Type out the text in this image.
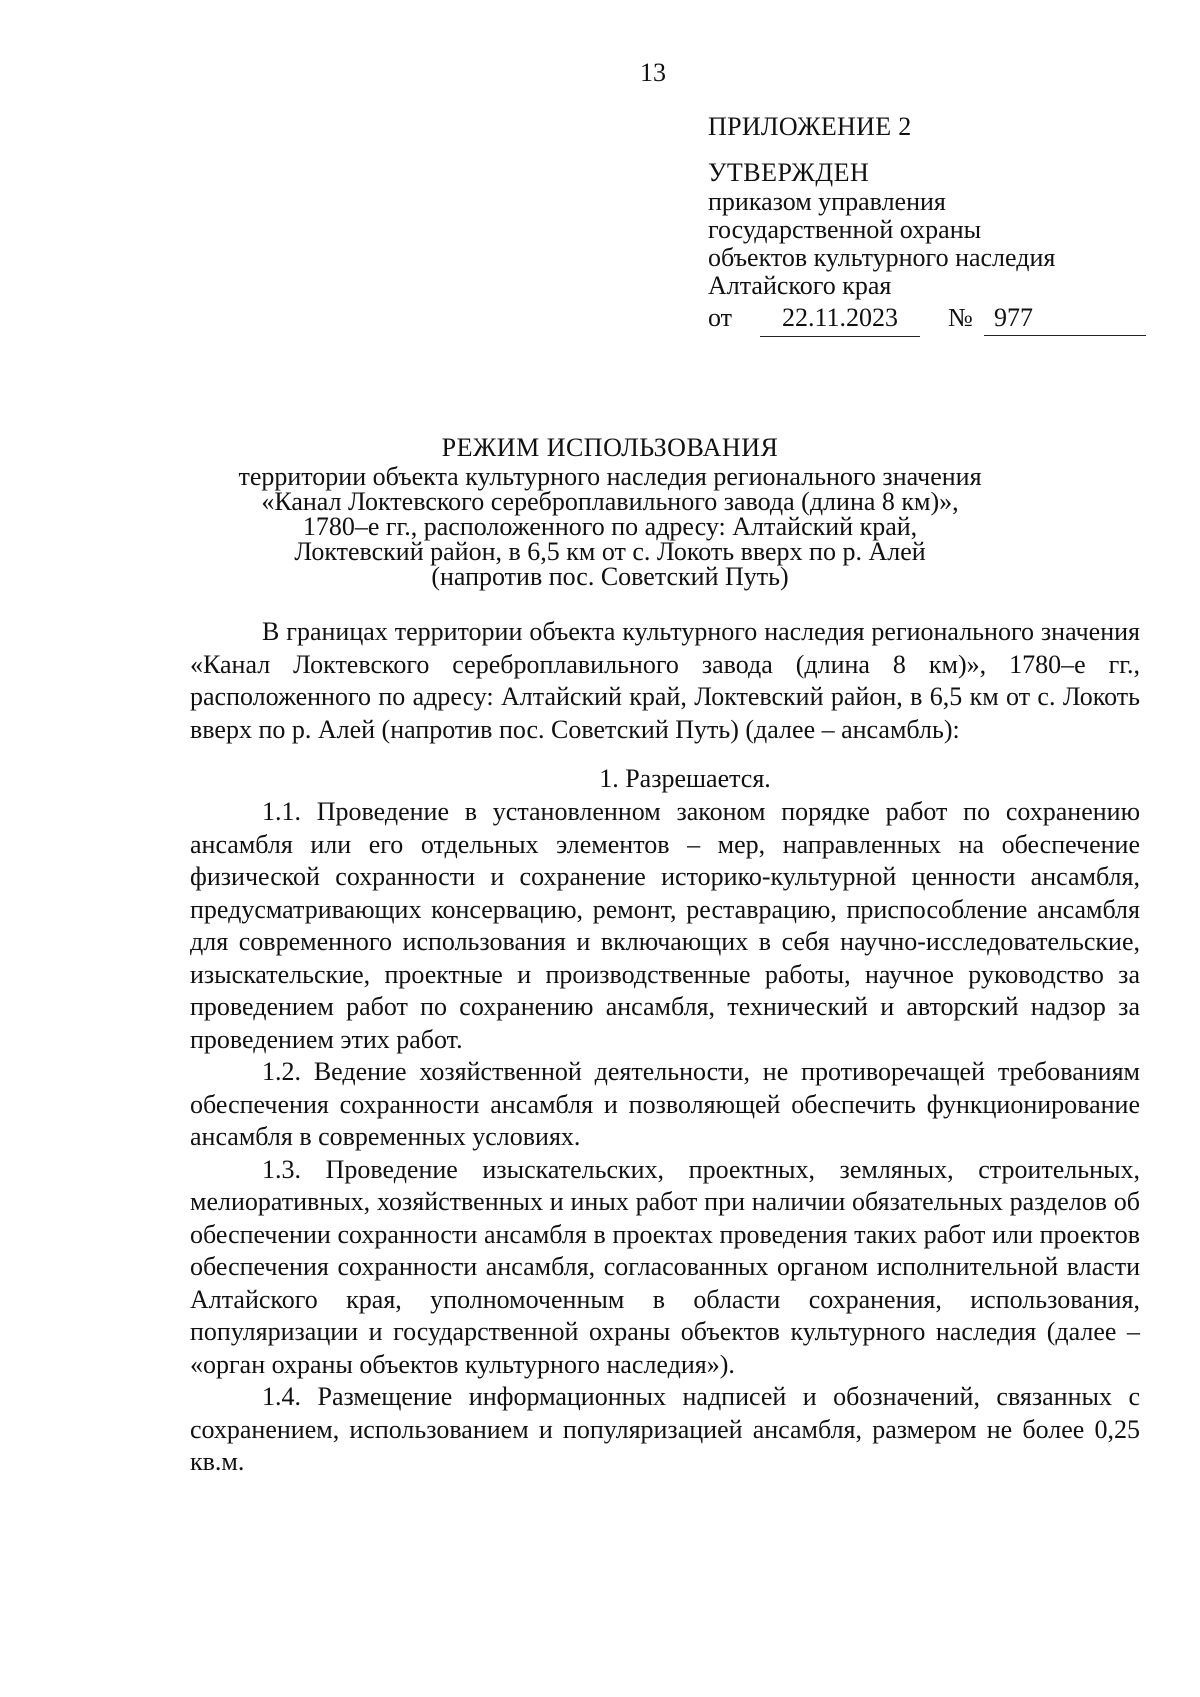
13
ПРИЛОЖЕНИЕ 2
УТВЕРЖДЕН
приказом управления
государственной охраны
объектов культурного наследия
Алтайского края
от	22.11.2023	№ 977
РЕЖИМ ИСПОЛЬЗОВАНИЯ
территории объекта культурного наследия регионального значения
«Канал Локтевского сереброплавильного завода (длина 8 км)»,
1780–е гг., расположенного по адресу: Алтайский край,
Локтевский район, в 6,5 км от с. Локоть вверх по р. Алей
(напротив пос. Советский Путь)

В границах территории объекта культурного наследия регионального значения «Канал Локтевского сереброплавильного завода (длина 8 км)», 1780–е гг., расположенного по адресу: Алтайский край, Локтевский район, в 6,5 км от с. Локоть вверх по р. Алей (напротив пос. Советский Путь) (далее – ансамбль):

1. Разрешается.

1.1. Проведение в установленном законом порядке работ по сохранению ансамбля или его отдельных элементов – мер, направленных на обеспечение физической сохранности и сохранение историко-культурной ценности ансамбля, предусматривающих консервацию, ремонт, реставрацию, приспособление ансамбля для современного использования и включающих в себя научно-исследовательские, изыскательские, проектные и производственные работы, научное руководство за проведением работ по сохранению ансамбля, технический и авторский надзор за проведением этих работ.

1.2. Ведение хозяйственной деятельности, не противоречащей требованиям обеспечения сохранности ансамбля и позволяющей обеспечить функционирование ансамбля в современных условиях.

1.3. Проведение изыскательских, проектных, земляных, строительных, мелиоративных, хозяйственных и иных работ при наличии обязательных разделов об обеспечении сохранности ансамбля в проектах проведения таких работ или проектов обеспечения сохранности ансамбля, согласованных органом исполнительной власти Алтайского края, уполномоченным в области сохранения, использования, популяризации и государственной охраны объектов культурного наследия (далее – «орган охраны объектов культурного наследия»).

1.4. Размещение информационных надписей и обозначений, связанных с сохранением, использованием и популяризацией ансамбля, размером не более 0,25 кв.м.
